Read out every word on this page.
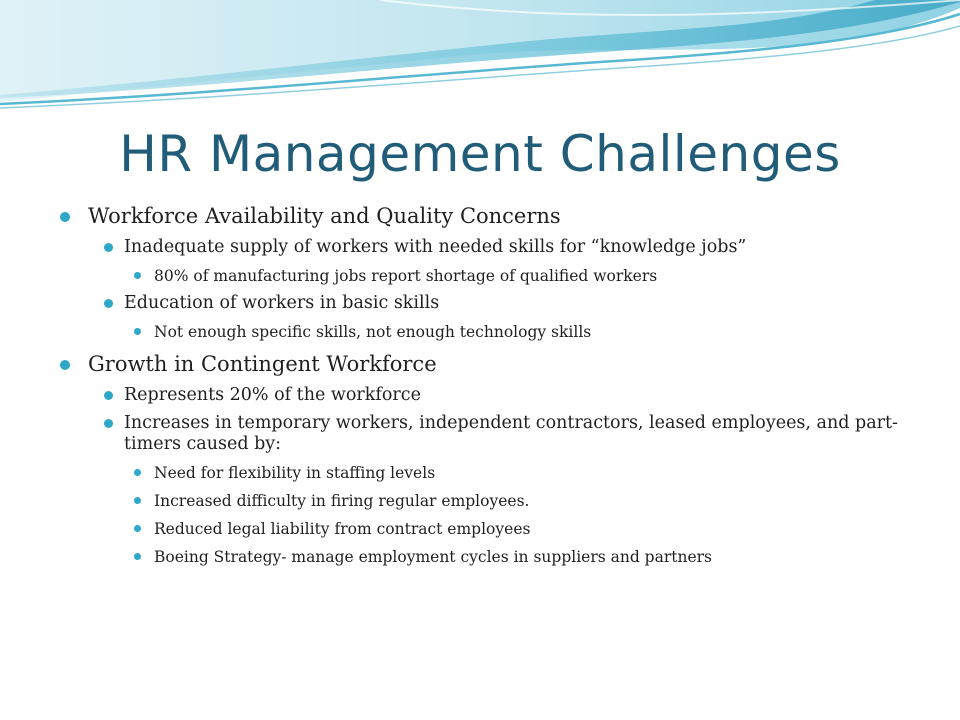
HR Management Challenges
Workforce Availability and Quality Concerns
Inadequate supply of workers with needed skills for “knowledge jobs”
80% of manufacturing jobs report shortage of qualified workers
Education of workers in basic skills
Not enough specific skills, not enough technology skills
Growth in Contingent Workforce
Represents 20% of the workforce
Increases in temporary workers, independent contractors, leased employees, and part-timers caused by:
Need for flexibility in staffing levels
Increased difficulty in firing regular employees.
Reduced legal liability from contract employees
Boeing Strategy- manage employment cycles in suppliers and partners
